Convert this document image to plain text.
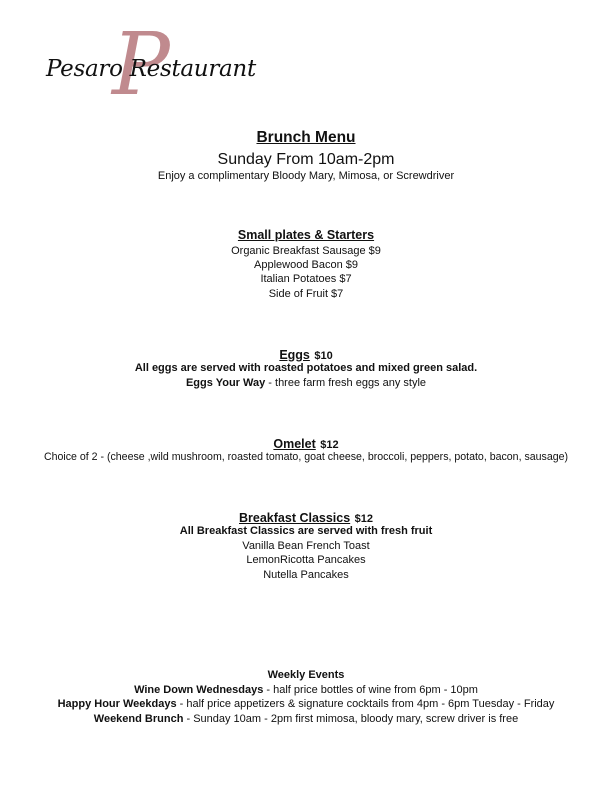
P
Pesaro Restaurant
Brunch Menu
Sunday From 10am-2pm
Enjoy a complimentary Bloody Mary, Mimosa, or Screwdriver
Small plates & Starters
Organic Breakfast Sausage $9
Applewood Bacon $9
Italian Potatoes $7
Side of Fruit $7
Eggs $10
All eggs are served with roasted potatoes and mixed green salad.
Eggs Your Way - three farm fresh eggs any style
Omelet $12
Choice of 2 - (cheese ,wild mushroom, roasted tomato, goat cheese, broccoli, peppers, potato, bacon, sausage)
Breakfast Classics $12
All Breakfast Classics are served with fresh fruit
Vanilla Bean French Toast
LemonRicotta Pancakes
Nutella Pancakes
Weekly Events
Wine Down Wednesdays - half price bottles of wine from 6pm - 10pm
Happy Hour Weekdays - half price appetizers & signature cocktails from 4pm - 6pm Tuesday - Friday
Weekend Brunch - Sunday 10am - 2pm first mimosa, bloody mary, screw driver is free
